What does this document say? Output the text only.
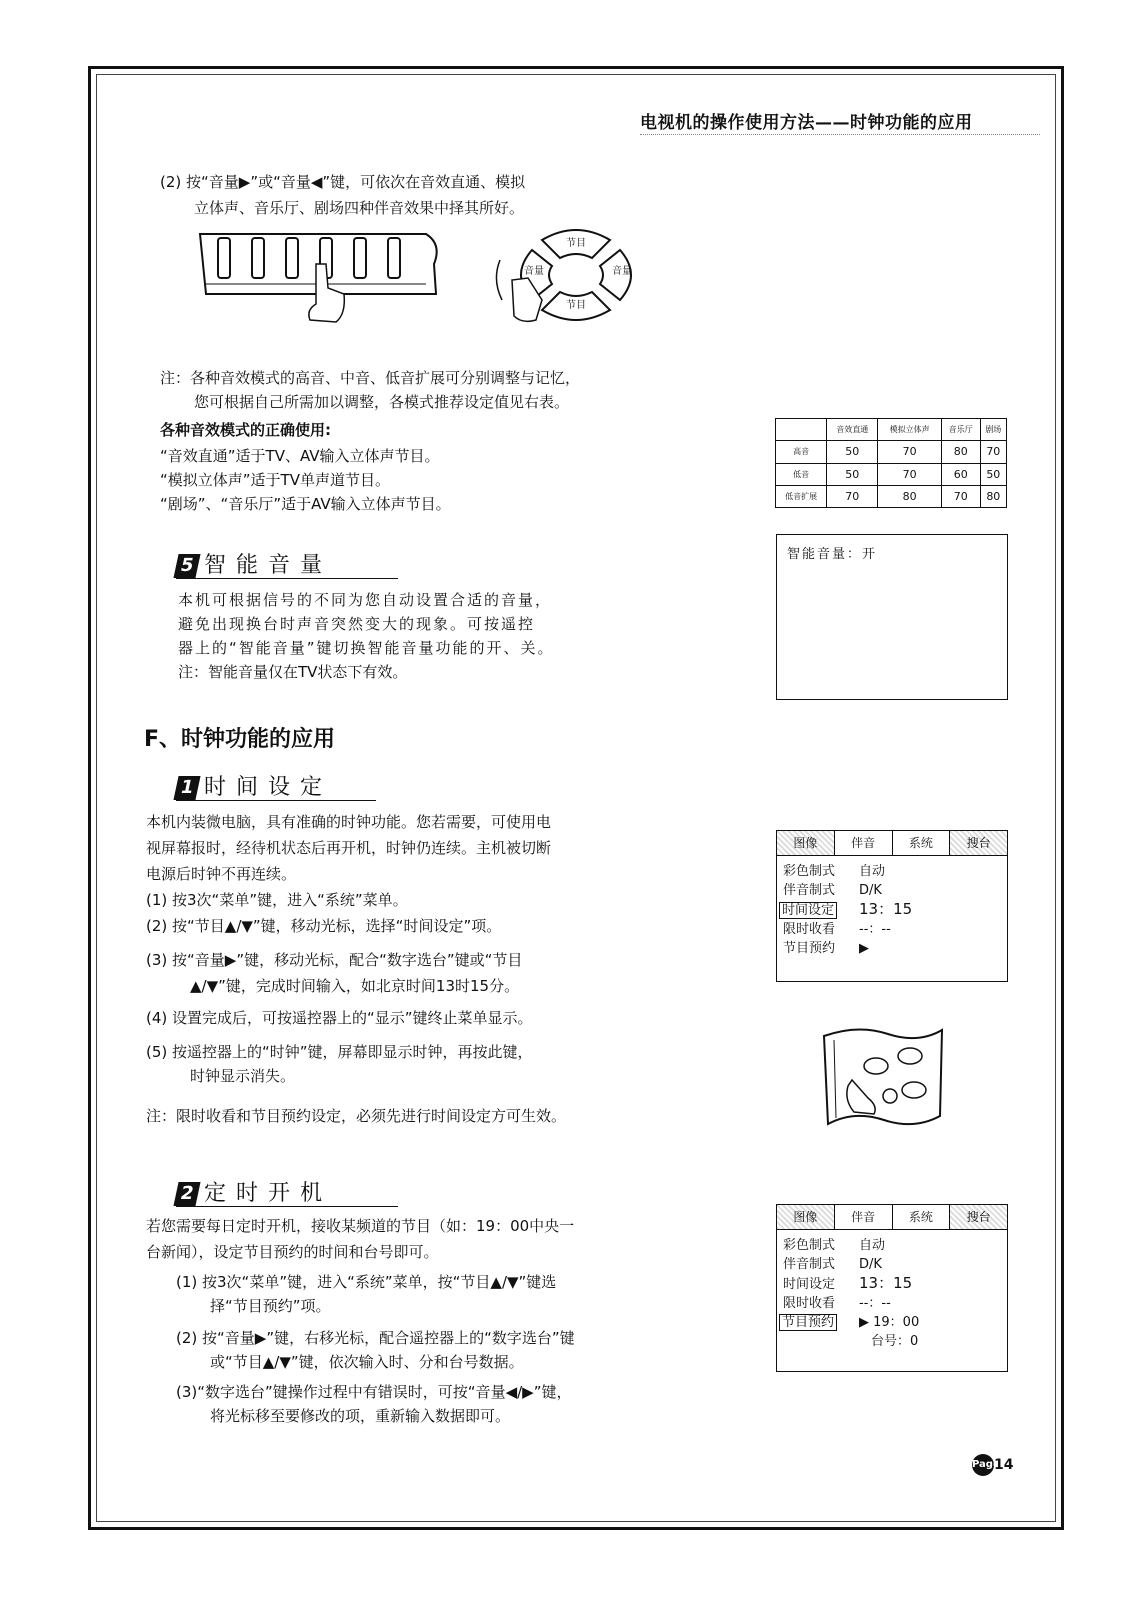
电视机的操作使用方法——时钟功能的应用
(2) 按“音量▶”或“音量◀”键，可依次在音效直通、模拟
立体声、音乐厅、剧场四种伴音效果中择其所好。
节目
节目
音量	音量
注：各种音效模式的高音、中音、低音扩展可分别调整与记忆，
您可根据自己所需加以调整，各模式推荐设定值见右表。
各种音效模式的正确使用:
“音效直通”适于TV、AV输入立体声节目。
“模拟立体声”适于TV单声道节目。
“剧场”、“音乐厅”适于AV输入立体声节目。
	音效直通	模拟立体声	音乐厅	剧场
高音	50	70	80	70
低音	50	70	60	50
低音扩展	70	80	70	80
5 智能音量
本机可根据信号的不同为您自动设置合适的音量，
避免出现换台时声音突然变大的现象。可按遥控
器上的“智能音量”键切换智能音量功能的开、关。
注：智能音量仅在TV状态下有效。
智能音量：开
F、时钟功能的应用
1 时间设定
本机内装微电脑，具有准确的时钟功能。您若需要，可使用电
视屏幕报时，经待机状态后再开机，时钟仍连续。主机被切断
电源后时钟不再连续。
(1) 按3次“菜单”键，进入“系统”菜单。
(2) 按“节目▲/▼”键，移动光标，选择“时间设定”项。
(3) 按“音量▶”键，移动光标，配合“数字选台”键或“节目
▲/▼”键，完成时间输入，如北京时间13时15分。
(4) 设置完成后，可按遥控器上的“显示”键终止菜单显示。
(5) 按遥控器上的“时钟”键，屏幕即显示时钟，再按此键，
时钟显示消失。
注：限时收看和节目预约设定，必须先进行时间设定方可生效。
图像	伴音	系统	搜台
彩色制式 自动
伴音制式 D/K
时间设定 13：15
限时收看 --：--
节目预约 ▶
2 定时开机
若您需要每日定时开机，接收某频道的节目（如：19：00中央一
台新闻），设定节目预约的时间和台号即可。
(1) 按3次“菜单”键，进入“系统”菜单，按“节目▲/▼”键选
择“节目预约”项。
(2) 按“音量▶”键，右移光标，配合遥控器上的“数字选台”键
或“节目▲/▼”键，依次输入时、分和台号数据。
(3)“数字选台”键操作过程中有错误时，可按“音量◀/▶”键，
将光标移至要修改的项，重新输入数据即可。
图像	伴音	系统	搜台
彩色制式 自动
伴音制式 D/K
时间设定 13：15
限时收看 --：--
节目预约 ▶ 19：00
台号：0
Page14
